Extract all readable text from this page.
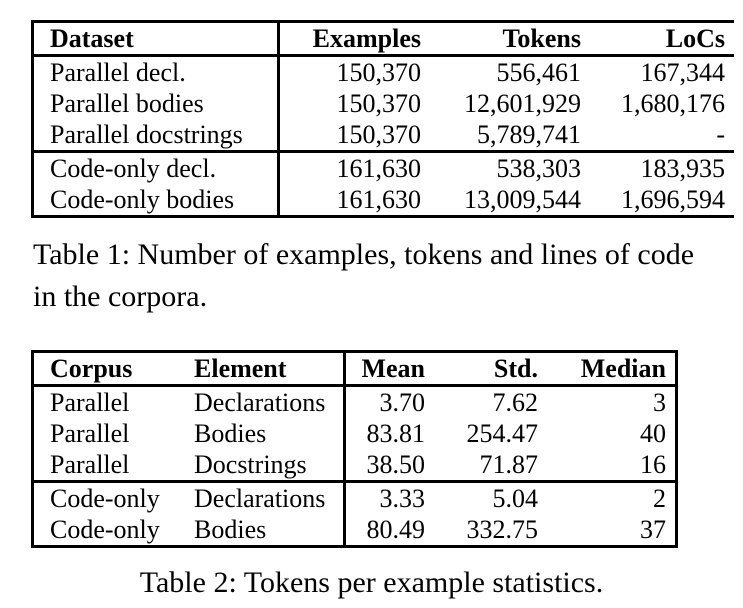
Dataset	Examples	Tokens	LoCs
Parallel decl.	150,370	556,461	167,344
Parallel bodies	150,370	12,601,929	1,680,176
Parallel docstrings	150,370	5,789,741	-
Code-only decl.	161,630	538,303	183,935
Code-only bodies	161,630	13,009,544	1,696,594

Table 1: Number of examples, tokens and lines of code in the corpora.

Corpus	Element	Mean	Std.	Median
Parallel	Declarations	3.70	7.62	3
Parallel	Bodies	83.81	254.47	40
Parallel	Docstrings	38.50	71.87	16
Code-only	Declarations	3.33	5.04	2
Code-only	Bodies	80.49	332.75	37

Table 2: Tokens per example statistics.
